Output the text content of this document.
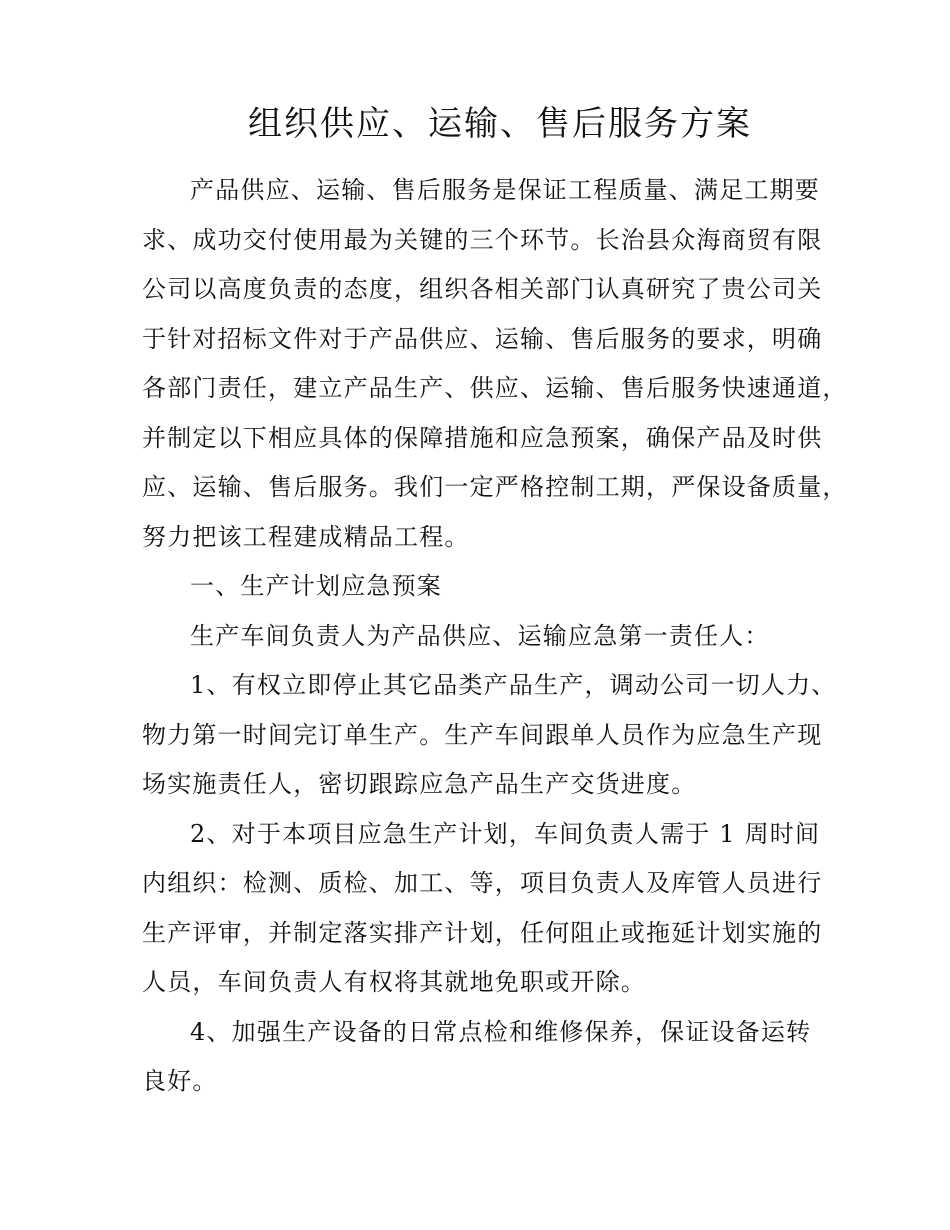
组织供应、运输、售后服务方案
产品供应、运输、售后服务是保证工程质量、满足工期要
求、成功交付使用最为关键的三个环节。长治县众海商贸有限
公司以高度负责的态度，组织各相关部门认真研究了贵公司关
于针对招标文件对于产品供应、运输、售后服务的要求，明确
各部门责任，建立产品生产、供应、运输、售后服务快速通道，
并制定以下相应具体的保障措施和应急预案，确保产品及时供
应、运输、售后服务。我们一定严格控制工期，严保设备质量，
努力把该工程建成精品工程。
一、生产计划应急预案
生产车间负责人为产品供应、运输应急第一责任人：
1、有权立即停止其它品类产品生产，调动公司一切人力、
物力第一时间完订单生产。生产车间跟单人员作为应急生产现
场实施责任人，密切跟踪应急产品生产交货进度。
2、对于本项目应急生产计划，车间负责人需于 1 周时间
内组织：检测、质检、加工、等，项目负责人及库管人员进行
生产评审，并制定落实排产计划，任何阻止或拖延计划实施的
人员，车间负责人有权将其就地免职或开除。
4、加强生产设备的日常点检和维修保养，保证设备运转
良好。
